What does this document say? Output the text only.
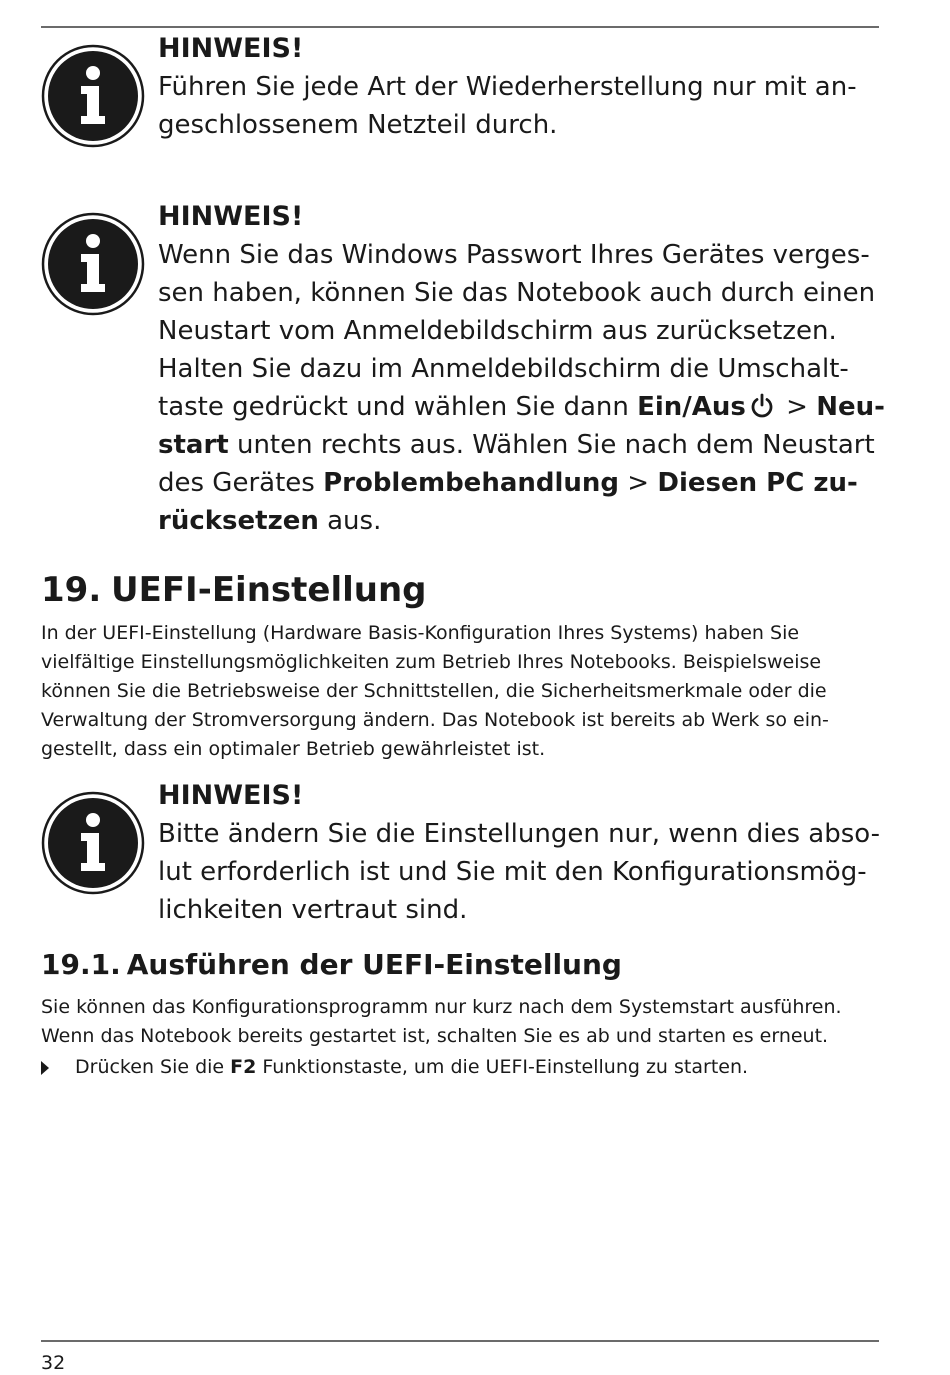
HINWEIS!
Führen Sie jede Art der Wiederherstellung nur mit an-
geschlossenem Netzteil durch.
HINWEIS!
Wenn Sie das Windows Passwort Ihres Gerätes verges-
sen haben, können Sie das Notebook auch durch einen
Neustart vom Anmeldebildschirm aus zurücksetzen.
Halten Sie dazu im Anmeldebildschirm die Umschalt-
taste gedrückt und wählen Sie dann Ein/Aus
> Neu-
start unten rechts aus. Wählen Sie nach dem Neustart
des Gerätes Problembehandlung > Diesen PC zu-
rücksetzen aus.
19. UEFI-Einstellung
In der UEFI-Einstellung (Hardware Basis-Konfiguration Ihres Systems) haben Sie
vielfältige Einstellungsmöglichkeiten zum Betrieb Ihres Notebooks. Beispielsweise
können Sie die Betriebsweise der Schnittstellen, die Sicherheitsmerkmale oder die
Verwaltung der Stromversorgung ändern. Das Notebook ist bereits ab Werk so ein-
gestellt, dass ein optimaler Betrieb gewährleistet ist.
HINWEIS!
Bitte ändern Sie die Einstellungen nur, wenn dies abso-
lut erforderlich ist und Sie mit den Konfigurationsmög-
lichkeiten vertraut sind.
19.1. Ausführen der UEFI-Einstellung
Sie können das Konfigurationsprogramm nur kurz nach dem Systemstart ausführen.
Wenn das Notebook bereits gestartet ist, schalten Sie es ab und starten es erneut.
Drücken Sie die F2 Funktionstaste, um die UEFI-Einstellung zu starten.
32
